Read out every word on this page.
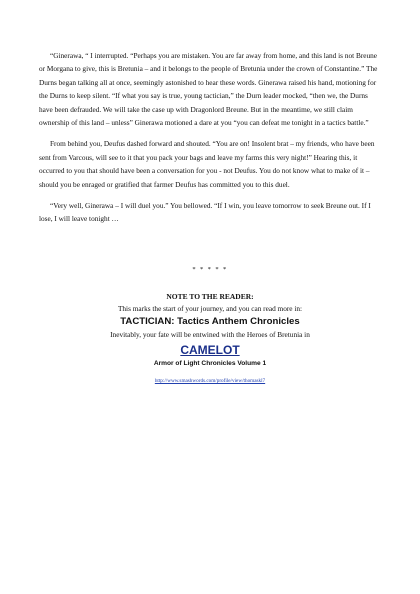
“Ginerawa, “ I interrupted. “Perhaps you are mistaken. You are far away from home, and this land is not Breune or Morgana to give, this is Bretunia – and it belongs to the people of Bretunia under the crown of Constantine.” The Durns began talking all at once, seemingly astonished to hear these words. Ginerawa raised his hand, motioning for the Durns to keep silent. “If what you say is true, young tactician,” the Durn leader mocked, “then we, the Durns have been defrauded. We will take the case up with Dragonlord Breune. But in the meantime, we still claim ownership of this land – unless” Ginerawa motioned a dare at you “you can defeat me tonight in a tactics battle.”

From behind you, Deufus dashed forward and shouted. “You are on! Insolent brat – my friends, who have been sent from Varcous, will see to it that you pack your bags and leave my farms this very night!” Hearing this, it occurred to you that should have been a conversation for you - not Deufus. You do not know what to make of it – should you be enraged or gratified that farmer Deufus has committed you to this duel.

“Very well, Ginerawa – I will duel you.” You bellowed. “If I win, you leave tomorrow to seek Breune out. If I lose, I will leave tonight …

* * * * *
NOTE TO THE READER:
This marks the start of your journey, and you can read more in:
TACTICIAN: Tactics Anthem Chronicles
Inevitably, your fate will be entwined with the Heroes of Bretunia in
CAMELOT
Armor of Light Chronicles Volume 1
http://www.smashwords.com/profile/view/thomaskl7
